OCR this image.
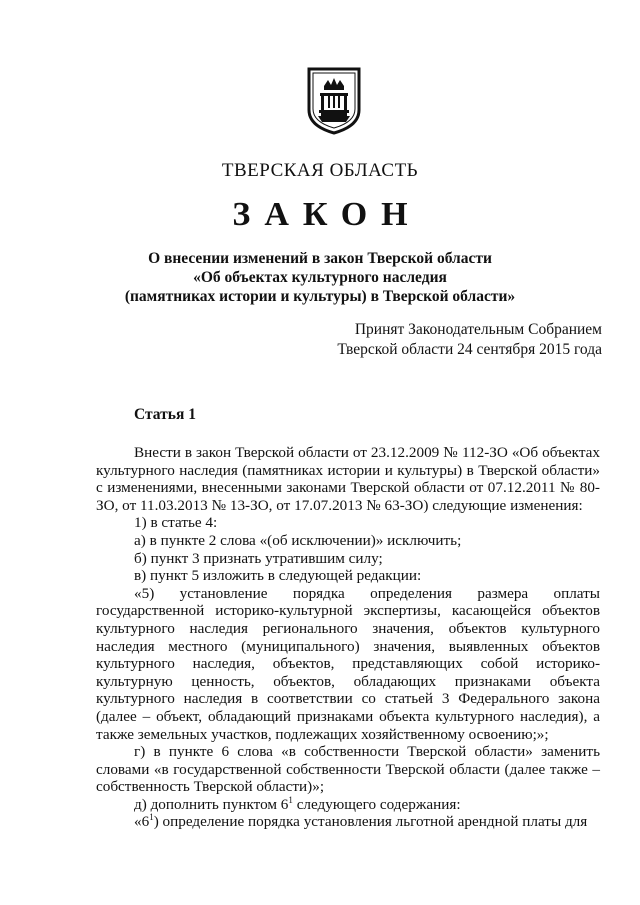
ТВЕРСКАЯ ОБЛАСТЬ
ЗАКОН
О внесении изменений в закон Тверской области
«Об объектах культурного наследия
(памятниках истории и культуры) в Тверской области»
Принят Законодательным Собранием
Тверской области 24 сентября 2015 года
Статья 1

Внести в закон Тверской области от 23.12.2009 № 112-ЗО «Об объектах культурного наследия (памятниках истории и культуры) в Тверской области» с изменениями, внесенными законами Тверской области от 07.12.2011 № 80-ЗО, от 11.03.2013 № 13-ЗО, от 17.07.2013 № 63-ЗО) следующие изменения:

1) в статье 4:

а) в пункте 2 слова «(об исключении)» исключить;

б) пункт 3 признать утратившим силу;

в) пункт 5 изложить в следующей редакции:

«5) установление порядка определения размера оплаты государственной историко-культурной экспертизы, касающейся объектов культурного наследия регионального значения, объектов культурного наследия местного (муниципального) значения, выявленных объектов культурного наследия, объектов, представляющих собой историко-культурную ценность, объектов, обладающих признаками объекта культурного наследия в соответствии со статьей 3 Федерального закона (далее – объект, обладающий признаками объекта культурного наследия), а также земельных участков, подлежащих хозяйственному освоению;»;

г) в пункте 6 слова «в собственности Тверской области» заменить словами «в государственной собственности Тверской области (далее также – собственность Тверской области)»;

д) дополнить пунктом $6^1$ следующего содержания:

«$6^1$) определение порядка установления льготной арендной платы для
